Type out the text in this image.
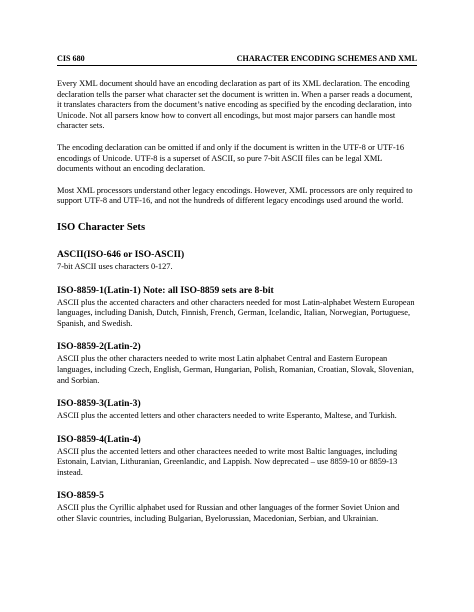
CIS 680	CHARACTER ENCODING SCHEMES AND XML

Every XML document should have an encoding declaration as part of its XML declaration. The encoding declaration tells the parser what character set the document is written in. When a parser reads a document, it translates characters from the document’s native encoding as specified by the encoding declaration, into Unicode. Not all parsers know how to convert all encodings, but most major parsers can handle most character sets.

The encoding declaration can be omitted if and only if the document is written in the UTF-8 or UTF-16 encodings of Unicode. UTF-8 is a superset of ASCII, so pure 7-bit ASCII files can be legal XML documents without an encoding declaration.

Most XML processors understand other legacy encodings. However, XML processors are only required to support UTF-8 and UTF-16, and not the hundreds of different legacy encodings used around the world.

ISO Character Sets
ASCII(ISO-646 or ISO-ASCII)

7-bit ASCII uses characters 0-127.

ISO-8859-1(Latin-1) Note: all ISO-8859 sets are 8-bit

ASCII plus the accented characters and other characters needed for most Latin-alphabet Western European languages, including Danish, Dutch, Finnish, French, German, Icelandic, Italian, Norwegian, Portuguese, Spanish, and Swedish.

ISO-8859-2(Latin-2)

ASCII plus the other characters needed to write most Latin alphabet Central and Eastern European languages, including Czech, English, German, Hungarian, Polish, Romanian, Croatian, Slovak, Slovenian, and Sorbian.

ISO-8859-3(Latin-3)

ASCII plus the accented letters and other characters needed to write Esperanto, Maltese, and Turkish.

ISO-8859-4(Latin-4)

ASCII plus the accented letters and other charactees needed to write most Baltic languages, including Estonain, Latvian, Lithuranian, Greenlandic, and Lappish. Now deprecated – use 8859-10 or 8859-13 instead.

ISO-8859-5

ASCII plus the Cyrillic alphabet used for Russian and other languages of the former Soviet Union and other Slavic countries, including Bulgarian, Byelorussian, Macedonian, Serbian, and Ukrainian.
